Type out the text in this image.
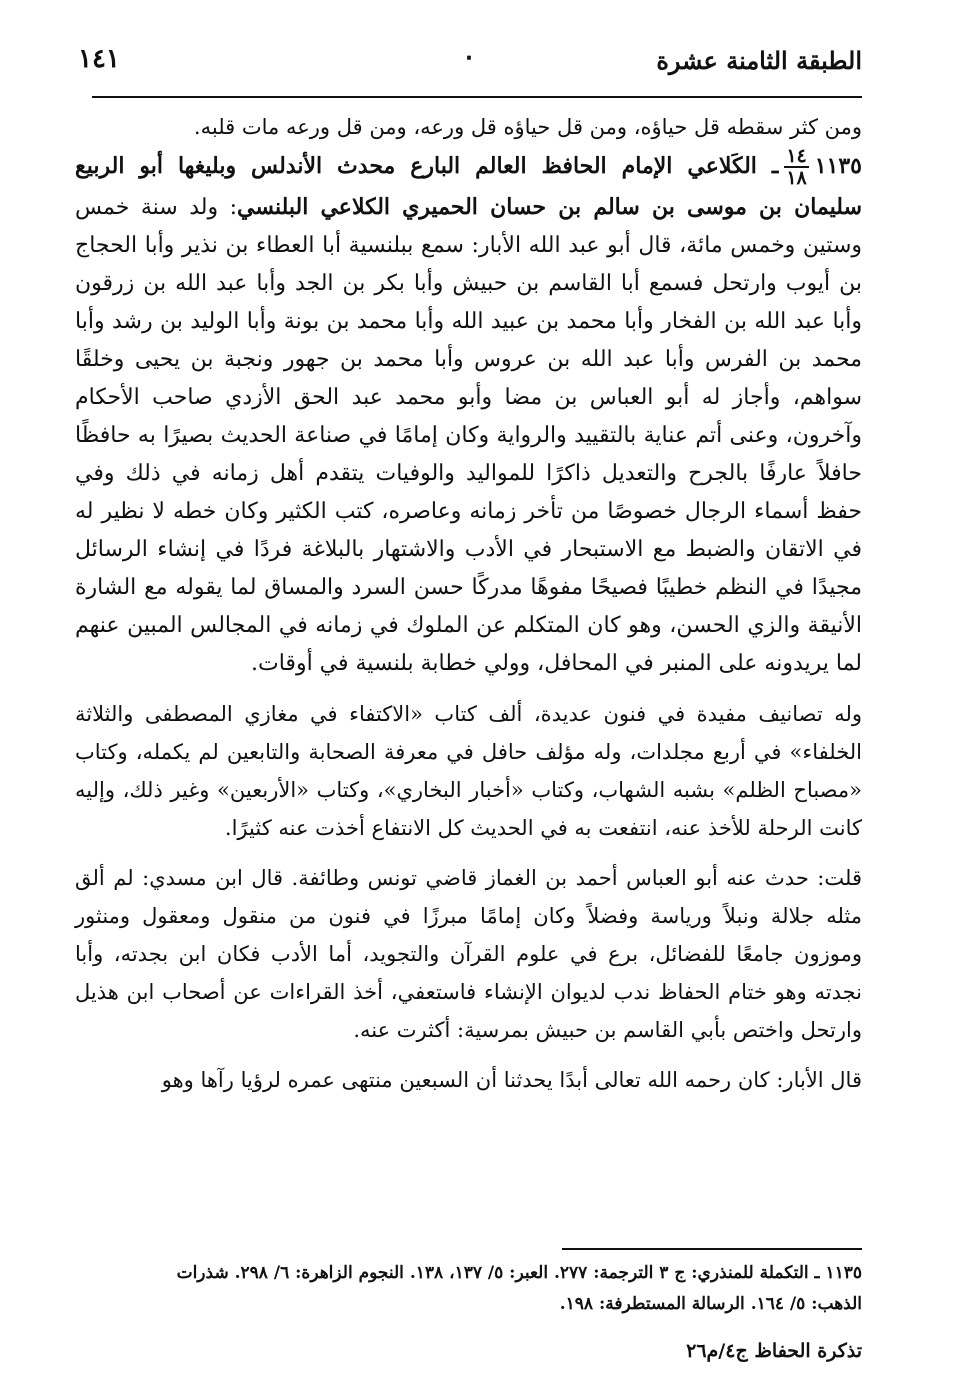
الطبقة الثامنة عشرة
٠
١٤١

ومن كثر سقطه قل حياؤه، ومن قل حياؤه قل ورعه، ومن قل ورعه مات قلبه.

١١٣٥
$\frac{١٤}{١٨}$
ـ الكَلاعي الإمام الحافظ العالم البارع محدث الأندلس وبليغها أبو الربيع سليمان بن موسى بن سالم بن حسان الحميري الكلاعي البلنسي: ولد سنة خمس وستين وخمس مائة، قال أبو عبد الله الأبار: سمع ببلنسية أبا العطاء بن نذير وأبا الحجاج بن أيوب وارتحل فسمع أبا القاسم بن حبيش وأبا بكر بن الجد وأبا عبد الله بن زرقون وأبا عبد الله بن الفخار وأبا محمد بن عبيد الله وأبا محمد بن بونة وأبا الوليد بن رشد وأبا محمد بن الفرس وأبا عبد الله بن عروس وأبا محمد بن جهور ونجبة بن يحيى وخلقًا سواهم، وأجاز له أبو العباس بن مضا وأبو محمد عبد الحق الأزدي صاحب الأحكام وآخرون، وعنى أتم عناية بالتقييد والرواية وكان إمامًا في صناعة الحديث بصيرًا به حافظًا حافلاً عارفًا بالجرح والتعديل ذاكرًا للمواليد والوفيات يتقدم أهل زمانه في ذلك وفي حفظ أسماء الرجال خصوصًا من تأخر زمانه وعاصره، كتب الكثير وكان خطه لا نظير له في الاتقان والضبط مع الاستبحار في الأدب والاشتهار بالبلاغة فردًا في إنشاء الرسائل مجيدًا في النظم خطيبًا فصيحًا مفوهًا مدركًا حسن السرد والمساق لما يقوله مع الشارة الأنيقة والزي الحسن، وهو كان المتكلم عن الملوك في زمانه في المجالس المبين عنهم لما يريدونه على المنبر في المحافل، وولي خطابة بلنسية في أوقات.

وله تصانيف مفيدة في فنون عديدة، ألف كتاب «الاكتفاء في مغازي المصطفى والثلاثة الخلفاء» في أربع مجلدات، وله مؤلف حافل في معرفة الصحابة والتابعين لم يكمله، وكتاب «مصباح الظلم» بشبه الشهاب، وكتاب «أخبار البخاري»، وكتاب «الأربعين» وغير ذلك، وإليه كانت الرحلة للأخذ عنه، انتفعت به في الحديث كل الانتفاع أخذت عنه كثيرًا.

قلت: حدث عنه أبو العباس أحمد بن الغماز قاضي تونس وطائفة. قال ابن مسدي: لم ألق مثله جلالة ونبلاً ورياسة وفضلاً وكان إمامًا مبرزًا في فنون من منقول ومعقول ومنثور وموزون جامعًا للفضائل، برع في علوم القرآن والتجويد، أما الأدب فكان ابن بجدته، وأبا نجدته وهو ختام الحفاظ ندب لديوان الإنشاء فاستعفي، أخذ القراءات عن أصحاب ابن هذيل وارتحل واختص بأبي القاسم بن حبيش بمرسية: أكثرت عنه.

قال الأبار: كان رحمه الله تعالى أبدًا يحدثنا أن السبعين منتهى عمره لرؤيا رآها وهو

١١٣٥ ـ التكملة للمنذري: ج ٣ الترجمة: ٢٧٧. العبر: ٥/ ١٣٧، ١٣٨. النجوم الزاهرة: ٦/ ٢٩٨. شذرات

الذهب: ٥/ ١٦٤. الرسالة المستطرفة: ١٩٨.

تذكرة الحفاظ ج٤/م٢٦
